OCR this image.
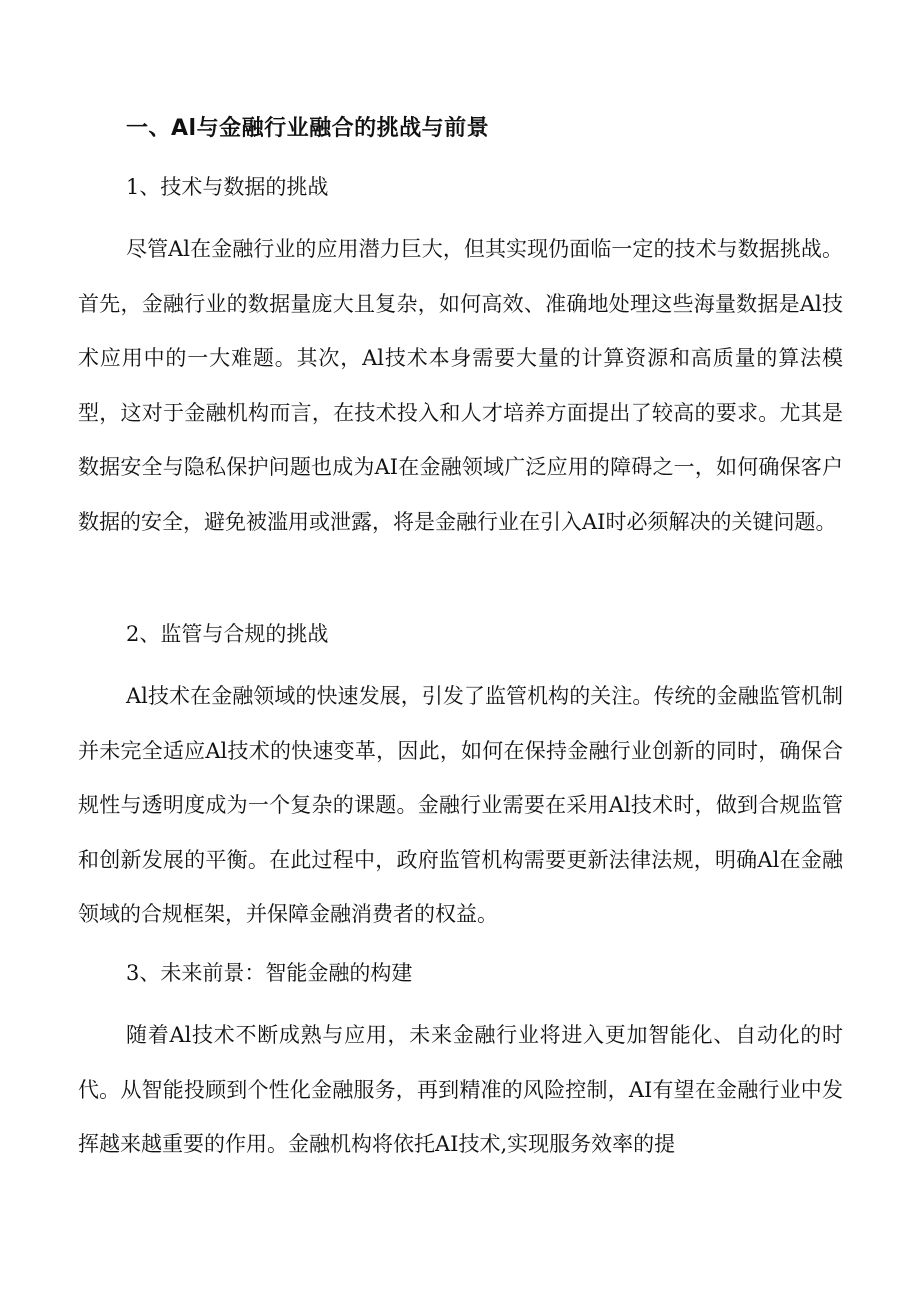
一、Al与金融行业融合的挑战与前景
1、技术与数据的挑战

尽管Al在金融行业的应用潜力巨大，但其实现仍面临一定的技术与数据挑战。首先，金融行业的数据量庞大且复杂，如何高效、准确地处理这些海量数据是Al技术应用中的一大难题。其次，Al技术本身需要大量的计算资源和高质量的算法模型，这对于金融机构而言，在技术投入和人才培养方面提出了较高的要求。尤其是数据安全与隐私保护问题也成为AI在金融领域广泛应用的障碍之一，如何确保客户数据的安全，避免被滥用或泄露，将是金融行业在引入AI时必须解决的关键问题。

2、监管与合规的挑战

Al技术在金融领域的快速发展，引发了监管机构的关注。传统的金融监管机制并未完全适应Al技术的快速变革，因此，如何在保持金融行业创新的同时，确保合规性与透明度成为一个复杂的课题。金融行业需要在采用Al技术时，做到合规监管和创新发展的平衡。在此过程中，政府监管机构需要更新法律法规，明确Al在金融领域的合规框架，并保障金融消费者的权益。

3、未来前景：智能金融的构建

随着Al技术不断成熟与应用，未来金融行业将进入更加智能化、自动化的时代。从智能投顾到个性化金融服务，再到精准的风险控制，AI有望在金融行业中发挥越来越重要的作用。金融机构将依托AI技术,实现服务效率的提
